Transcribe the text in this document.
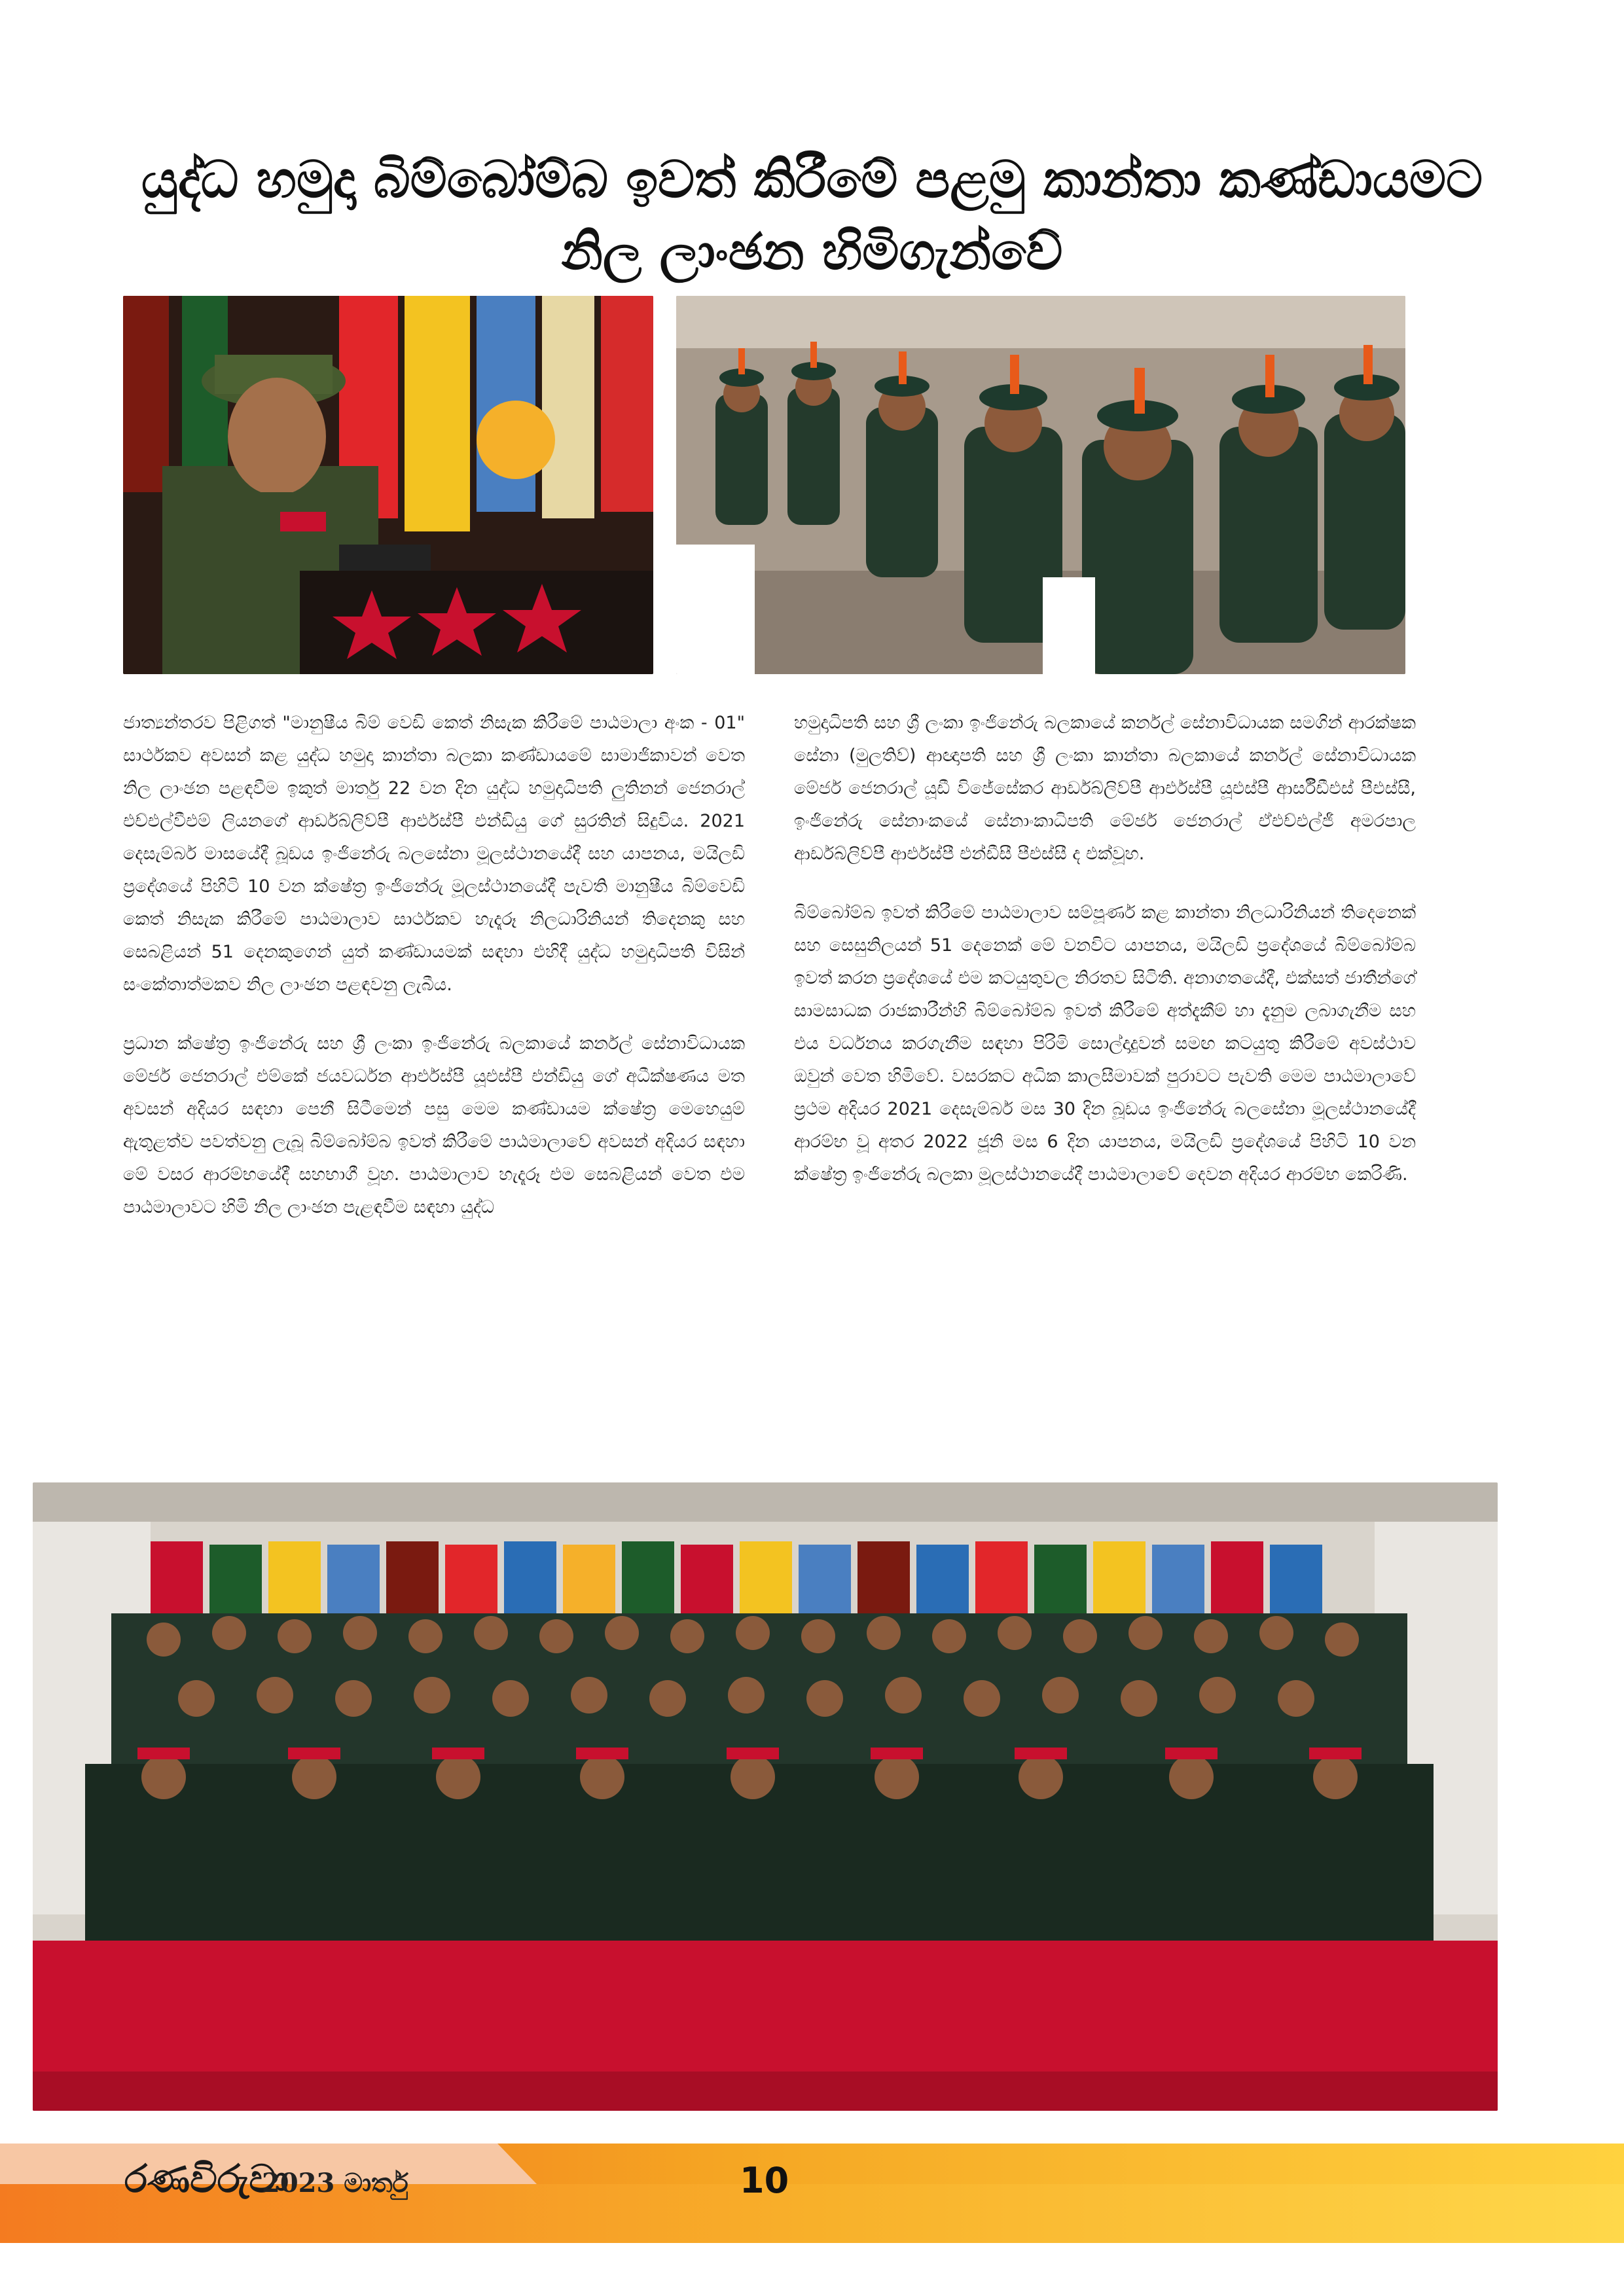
යුද්ධ හමුදා බිම්බෝම්බ ඉවත් කිරීමේ පළමු කාන්තා කණ්ඩායමට
නිල ලාංඡන හිමිගැන්වේ

ජාත්‍යන්තරව පිළිගත් "මානුෂීය බිම් වෙඩි කෙත් නිසැක කිරීමේ පාඨමාලා අංක - 01" සාර්ථකව අවසන් කළ යුද්ධ හමුදා කාන්තා බලකා කණ්ඩායමේ සාමාජිකාවන් වෙත නිල ලාංඡන පළඳවීම ඉකුත් මාර්තු 22 වන දින යුද්ධ හමුදාධිපති ලුතිනන් ජෙනරාල් එච්එල්වීඑම් ලියනගේ ආර්ඩබ්ලිව්පී ආර්එස්පී එන්ඩියු ගේ සුරතින් සිදුවිය. 2021 දෙසැම්බර් මාසයේදී බූඩය ඉංජිනේරු බලසේනා මූලස්ථානයේදී සහ යාපනය, මයිලඩි ප්‍රදේශයේ පිහිටි 10 වන ක්ෂේත්‍ර ඉංජිනේරු මූලස්ථානයේදී පැවති මානුෂීය බිම්වෙඩි කෙත් නිසැක කිරීමේ පාඨමාලාව සාර්ථකව හැදෑරූ නිලධාරිනියන් තිදෙනකු සහ සෙබළියන් 51 දෙනකුගෙන් යුත් කණ්ඩායමක් සඳහා එහිදී යුද්ධ හමුදාධිපති විසින් සංකේතාත්මකව නිල ලාංඡන පළඳවනු ලැබීය.

ප්‍රධාන ක්ෂේත්‍ර ඉංජිනේරු සහ ශ්‍රී ලංකා ඉංජිනේරු බලකායේ කර්නල් සේනාවිධායක මේජර් ජෙනරාල් එම්කේ ජයවර්ධන ආර්එස්පී යූඑස්පී එන්ඩියු ගේ අධීක්ෂණය මත අවසන් අදියර සඳහා පෙනී සිටීමෙන් පසු මෙම කණ්ඩායම ක්ෂේත්‍ර මෙහෙයුම් ඇතුළත්ව පවත්වනු ලැබූ බිම්බෝම්බ ඉවත් කිරීමේ පාඨමාලාවේ අවසන් අදියර සඳහා මේ වසර ආරම්භයේදී සහභාගී වූහ. පාඨමාලාව හැදෑරූ එම සෙබළියන් වෙත එම පාඨමාලාවට හිමි නිල ලාංඡන පැළඳවීම සඳහා යුද්ධ

හමුදාධිපති සහ ශ්‍රී ලංකා ඉංජිනේරු බලකායේ කර්නල් සේනාවිධායක සමගින් ආරක්ෂක සේනා (මුලතිව්) ආඥාපති සහ ශ්‍රී ලංකා කාන්තා බලකායේ කර්නල් සේනාවිධායක මේජර් ජෙනරාල් යූඩී විජේසේකර ආර්ඩබ්ලිව්පී ආර්එස්පී යූඑස්පී ආර්සීඩීඑස් පීඑස්සී, ඉංජිනේරු සේනාංකයේ සේනාංකාධිපති මේජර් ජෙනරාල් ඒඑච්එල්ජී අමරපාල ආර්ඩබ්ලිව්පී ආර්එස්පී එන්ඩීසී පීඑස්සී ද එක්වූහ.

බිම්බෝම්බ ඉවත් කිරීමේ පාඨමාලාව සම්පූර්ණ කළ කාන්තා නිලධාරිනියන් තිදෙනෙක් සහ සෙසුනිලයන් 51 දෙනෙක් මේ වනවිට යාපනය, මයිලඩි ප්‍රදේශයේ බිම්බෝම්බ ඉවත් කරන ප්‍රදේශයේ එම කටයුතුවල නිරතව සිටිති. අනාගතයේදී, එක්සත් ජාතීන්ගේ සාමසාධක රාජකාරීන්හි බිම්බෝම්බ ඉවත් කිරීමේ අත්දැකීම් හා දැනුම ලබාගැනීම සහ එය වර්ධනය කරගැනීම සඳහා පිරිමි සොල්දාදුවන් සමඟ කටයුතු කිරීමේ අවස්ථාව ඔවුන් වෙත හිමිවේ. වසරකට අධික කාලසීමාවක් පුරාවට පැවති මෙම පාඨමාලාවේ ප්‍රථම අදියර 2021 දෙසැම්බර් මස 30 දින බූඩය ඉංජිනේරු බලසේනා මූලස්ථානයේදී ආරම්භ වූ අතර 2022 ජූනි මස 6 දින යාපනය, මයිලඩි ප්‍රදේශයේ පිහිටි 10 වන ක්ෂේත්‍ර ඉංජිනේරු බලකා මූලස්ථානයේදී පාඨමාලාවේ දෙවන අදියර ආරම්භ කෙරිණි.

රණවිරුවා
2023 මාර්තු	10
